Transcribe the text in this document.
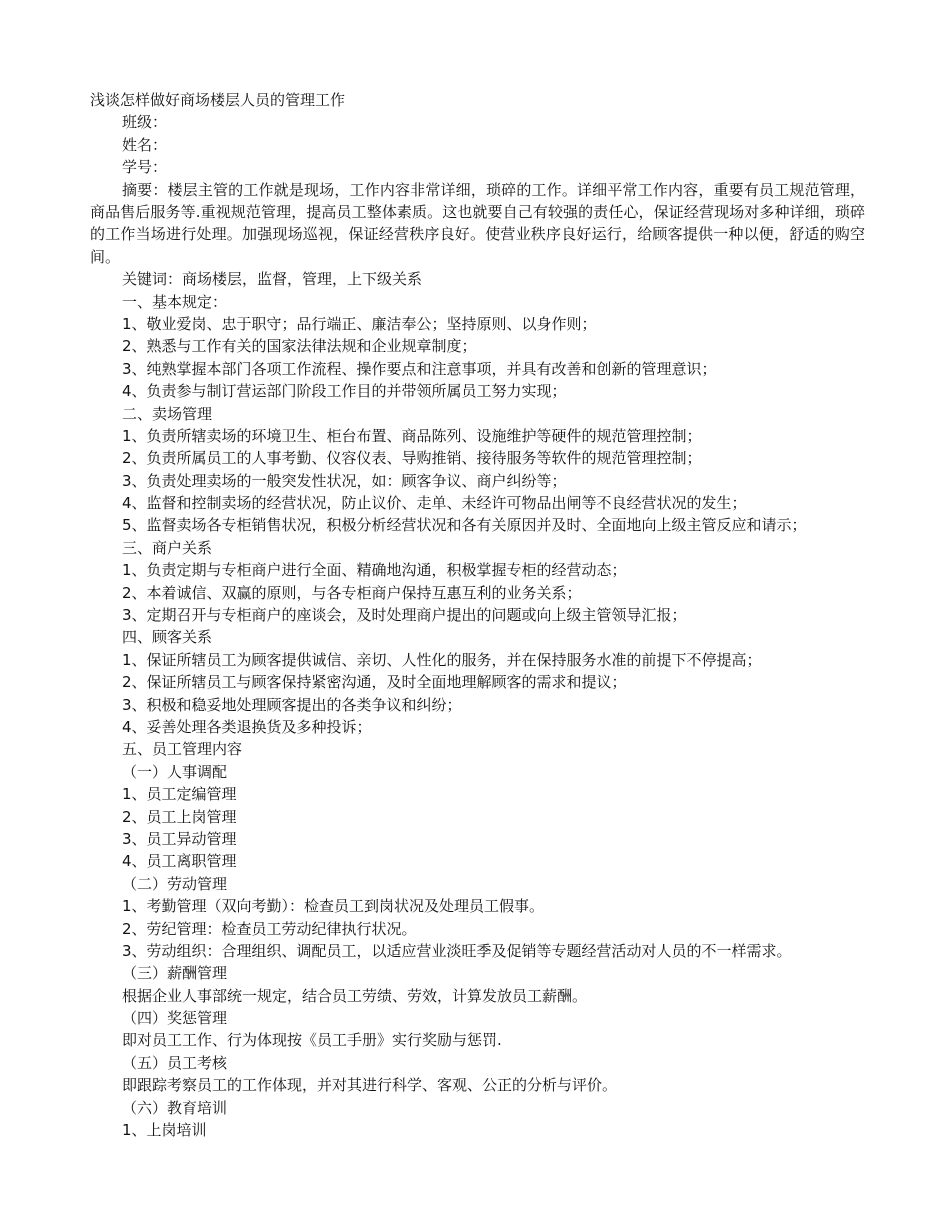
浅谈怎样做好商场楼层人员的管理工作
班级：
姓名：
学号：
摘要：楼层主管的工作就是现场，工作内容非常详细，琐碎的工作。详细平常工作内容，重要有员工规范管理，商品售后服务等.重视规范管理，提高员工整体素质。这也就要自己有较强的责任心，保证经营现场对多种详细，琐碎的工作当场进行处理。加强现场巡视，保证经营秩序良好。使营业秩序良好运行，给顾客提供一种以便，舒适的购空间。
关键词：商场楼层，监督，管理，上下级关系
一、基本规定：
1、敬业爱岗、忠于职守；品行端正、廉洁奉公；坚持原则、以身作则；
2、熟悉与工作有关的国家法律法规和企业规章制度；
3、纯熟掌握本部门各项工作流程、操作要点和注意事项，并具有改善和创新的管理意识；
4、负责参与制订营运部门阶段工作目的并带领所属员工努力实现；
二、卖场管理
1、负责所辖卖场的环境卫生、柜台布置、商品陈列、设施维护等硬件的规范管理控制；
2、负责所属员工的人事考勤、仪容仪表、导购推销、接待服务等软件的规范管理控制；
3、负责处理卖场的一般突发性状况，如：顾客争议、商户纠纷等；
4、监督和控制卖场的经营状况，防止议价、走单、未经许可物品出闸等不良经营状况的发生；
5、监督卖场各专柜销售状况，积极分析经营状况和各有关原因并及时、全面地向上级主管反应和请示；
三、商户关系
1、负责定期与专柜商户进行全面、精确地沟通，积极掌握专柜的经营动态；
2、本着诚信、双赢的原则，与各专柜商户保持互惠互利的业务关系；
3、定期召开与专柜商户的座谈会，及时处理商户提出的问题或向上级主管领导汇报；
四、顾客关系
1、保证所辖员工为顾客提供诚信、亲切、人性化的服务，并在保持服务水准的前提下不停提高；
2、保证所辖员工与顾客保持紧密沟通，及时全面地理解顾客的需求和提议；
3、积极和稳妥地处理顾客提出的各类争议和纠纷；
4、妥善处理各类退换货及多种投诉；
五、员工管理内容
（一）人事调配
1、员工定编管理
2、员工上岗管理
3、员工异动管理
4、员工离职管理
（二）劳动管理
1、考勤管理（双向考勤）：检查员工到岗状况及处理员工假事。
2、劳纪管理：检查员工劳动纪律执行状况。
3、劳动组织：合理组织、调配员工，以适应营业淡旺季及促销等专题经营活动对人员的不一样需求。
（三）薪酬管理
根据企业人事部统一规定，结合员工劳绩、劳效，计算发放员工薪酬。
（四）奖惩管理
即对员工工作、行为体现按《员工手册》实行奖励与惩罚.
（五）员工考核
即跟踪考察员工的工作体现，并对其进行科学、客观、公正的分析与评价。
（六）教育培训
1、上岗培训
